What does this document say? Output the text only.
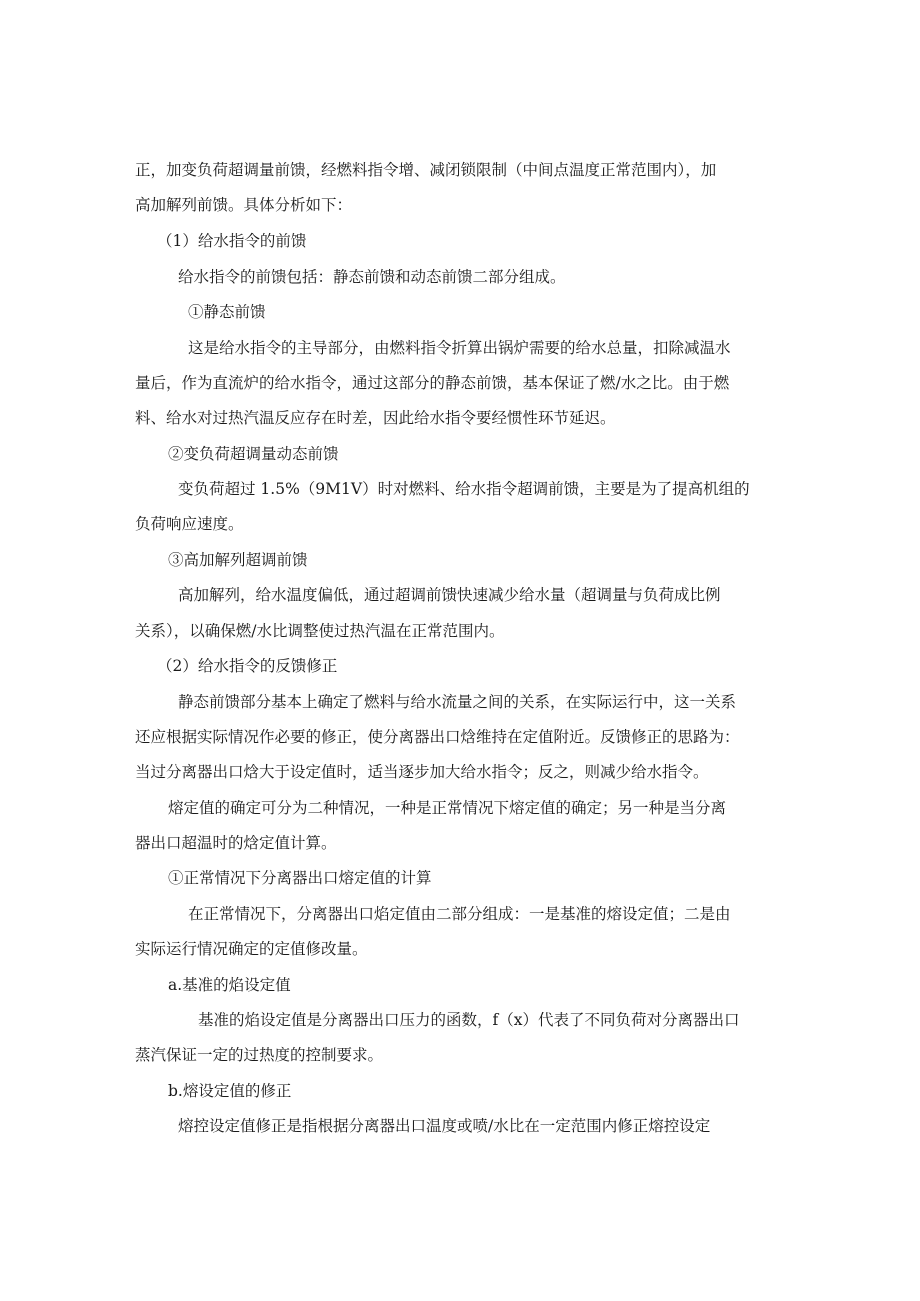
正，加变负荷超调量前馈，经燃料指令增、减闭锁限制（中间点温度正常范围内），加

高加解列前馈。具体分析如下：

（1）给水指令的前馈

给水指令的前馈包括：静态前馈和动态前馈二部分组成。

①静态前馈

这是给水指令的主导部分，由燃料指令折算出锅炉需要的给水总量，扣除减温水

量后，作为直流炉的给水指令，通过这部分的静态前馈，基本保证了燃/水之比。由于燃

料、给水对过热汽温反应存在时差，因此给水指令要经惯性环节延迟。

②变负荷超调量动态前馈

变负荷超过 1.5%（9M1V）时对燃料、给水指令超调前馈，主要是为了提高机组的

负荷响应速度。

③高加解列超调前馈

高加解列，给水温度偏低，通过超调前馈快速减少给水量（超调量与负荷成比例

关系），以确保燃/水比调整使过热汽温在正常范围内。

（2）给水指令的反馈修正

静态前馈部分基本上确定了燃料与给水流量之间的关系，在实际运行中，这一关系

还应根据实际情况作必要的修正，使分离器出口焓维持在定值附近。反馈修正的思路为：

当过分离器出口焓大于设定值时，适当逐步加大给水指令；反之，则减少给水指令。

熔定值的确定可分为二种情况，一种是正常情况下熔定值的确定；另一种是当分离

器出口超温时的焓定值计算。

①正常情况下分离器出口熔定值的计算

在正常情况下，分离器出口焰定值由二部分组成：一是基准的熔设定值；二是由

实际运行情况确定的定值修改量。

a.基准的焰设定值

基准的焰设定值是分离器出口压力的函数，f（x）代表了不同负荷对分离器出口

蒸汽保证一定的过热度的控制要求。

b.熔设定值的修正

熔控设定值修正是指根据分离器出口温度或喷/水比在一定范围内修正熔控设定
